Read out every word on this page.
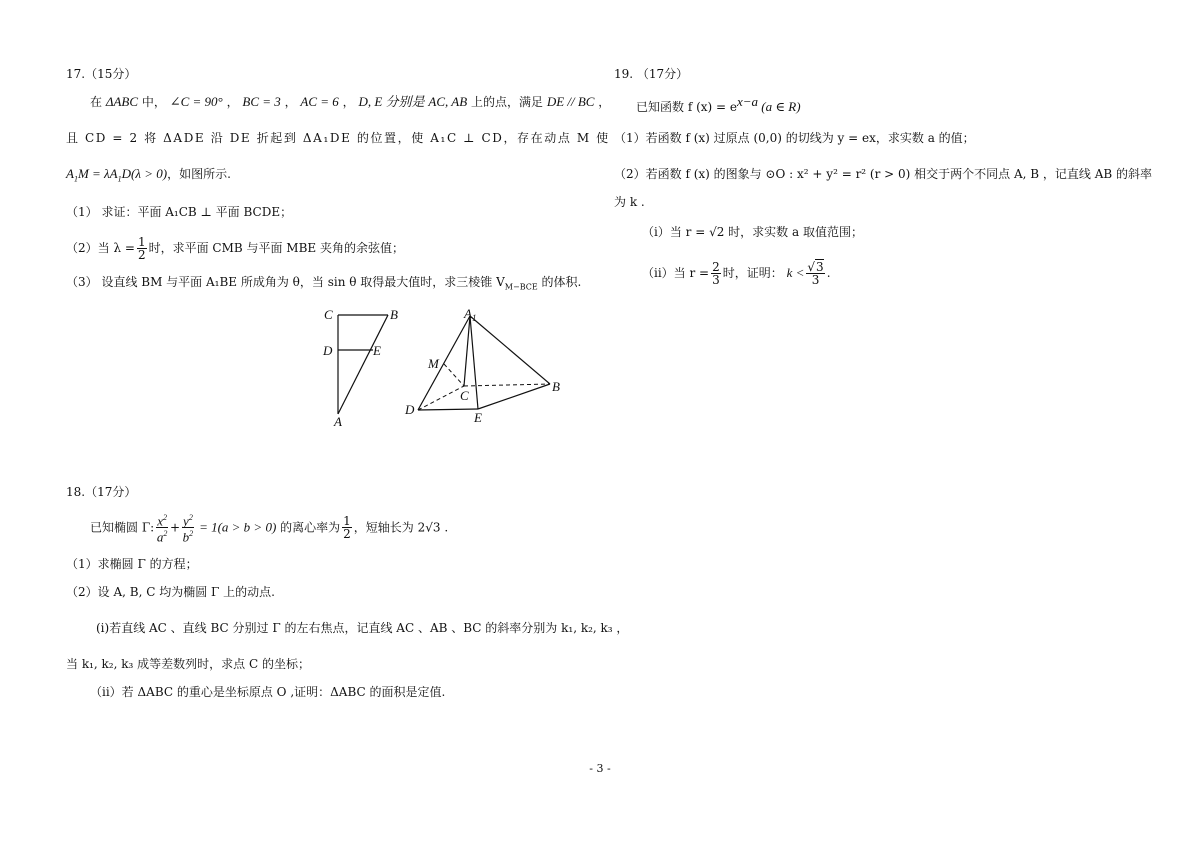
17.（15分）
在 ΔABC 中， ∠C = 90° ， BC = 3 ， AC = 6 ， D, E 分别是 AC, AB 上的点，满足 DE // BC ，
且 CD = 2 将 ΔADE 沿 DE 折起到 ΔA₁DE 的位置，使 A₁C ⊥ CD，存在动点 M 使
$A_1M = \lambda A_1D(\lambda > 0)$，如图所示.
（1） 求证：平面 A₁CB ⊥ 平面 BCDE；
（2）当 $\lambda = \frac{1}{2}$ 时，求平面 CMB 与平面 MBE 夹角的余弦值；
（3） 设直线 BM 与平面 A₁BE 所成角为 θ，当 sin θ 取得最大值时，求三棱锥 $V_{M-BCE}$ 的体积.
C	B
D	E
A
$A_1$
M
C
B
D
E
18.（17分）
已知椭圆 Γ: $\frac{x^2}{a^2} + \frac{y^2}{b^2} = 1(a > b > 0)$ 的离心率为 $\frac{1}{2}$ ，短轴长为 2√3 .
（1）求椭圆 Γ 的方程；
（2）设 A, B, C 均为椭圆 Γ 上的动点.
(i)若直线 AC 、直线 BC 分别过 Γ 的左右焦点，记直线 AC 、AB 、BC 的斜率分别为 k₁, k₂, k₃ ，
当 k₁, k₂, k₃ 成等差数列时，求点 C 的坐标；
（ii）若 ΔABC 的重心是坐标原点 O ,证明：ΔABC 的面积是定值.
19. （17分）
已知函数 f $(x) = e^{x-a}$ (a ∈ R)
（1）若函数 f (x) 过原点 (0,0) 的切线为 y = ex，求实数 a 的值；
（2）若函数 f (x) 的图象与 ⊙O : x² + y² = r² (r > 0) 相交于两个不同点 A, B ，记直线 AB 的斜率
为 k .
（i）当 r = √2 时，求实数 a 取值范围；
（ii）当 $r = \frac{2}{3}$ 时，证明： $k < \frac{√3}{3}$ .
- 3 -
